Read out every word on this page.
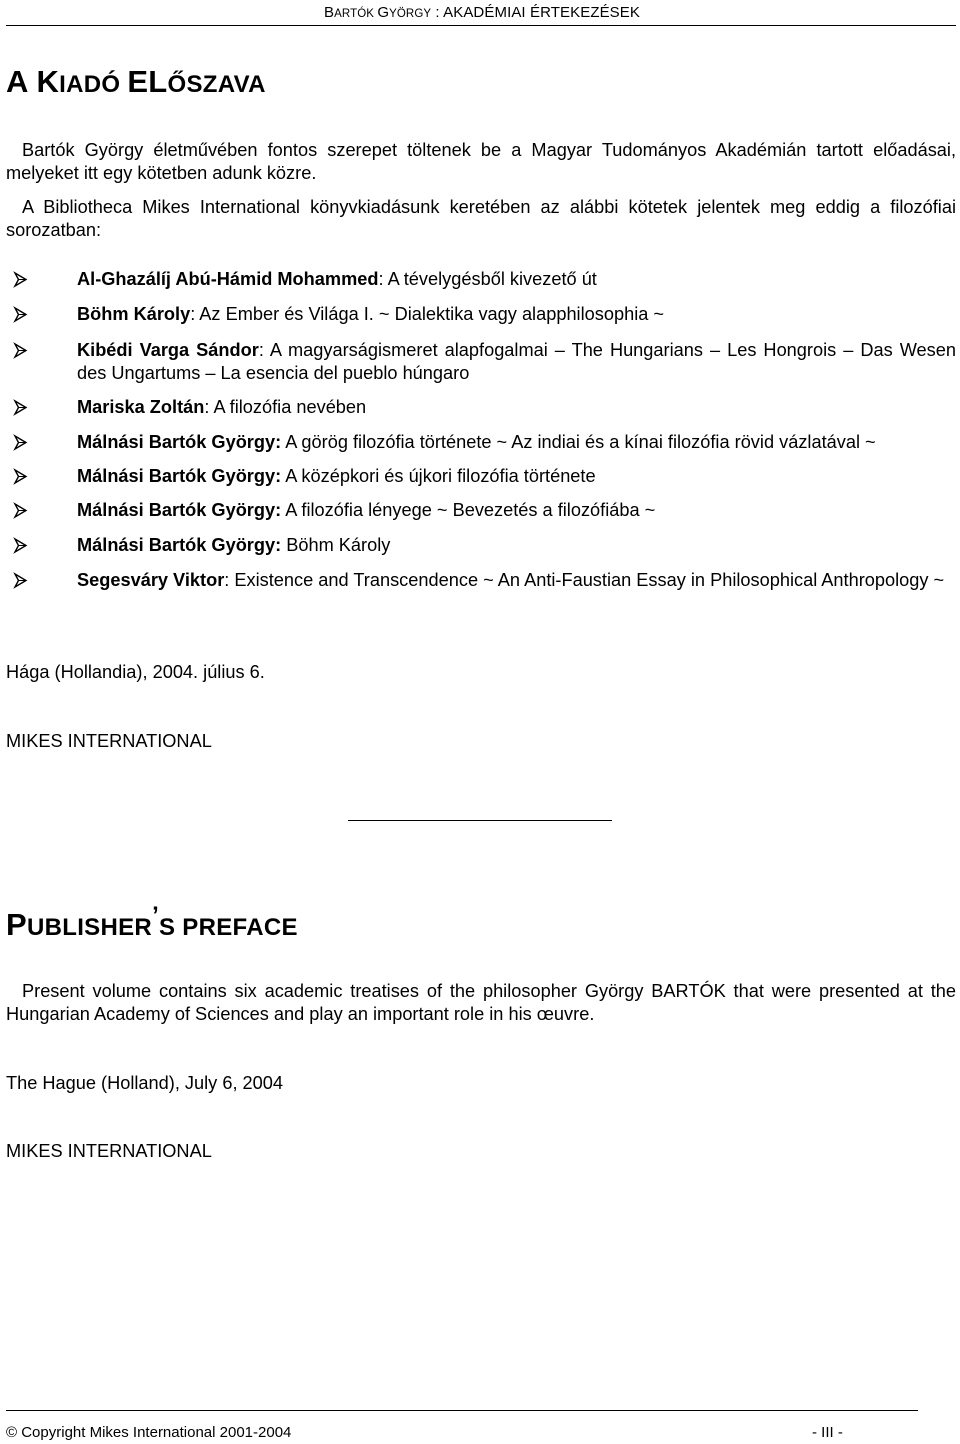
BARTÓK GYÖRGY : AKADÉMIAI ÉRTEKEZÉSEK
A KIADÓ ELŐSZAVA

Bartók György életművében fontos szerepet töltenek be a Magyar Tudományos Akadémián tartott előadásai, melyeket itt egy kötetben adunk közre.

A Bibliotheca Mikes International könyvkiadásunk keretében az alábbi kötetek jelentek meg eddig a filozófiai sorozatban:

Al-Ghazálíj Abú-Hámid Mohammed: A tévelygésből kivezető út
Böhm Károly: Az Ember és Világa I. ~ Dialektika vagy alapphilosophia ~
Kibédi Varga Sándor: A magyarságismeret alapfogalmai – The Hungarians – Les Hongrois – Das Wesen des Ungartums – La esencia del pueblo húngaro
Mariska Zoltán: A filozófia nevében
Málnási Bartók György: A görög filozófia története ~ Az indiai és a kínai filozófia rövid vázlatával ~
Málnási Bartók György: A középkori és újkori filozófia története
Málnási Bartók György: A filozófia lényege ~ Bevezetés a filozófiába ~
Málnási Bartók György: Böhm Károly
Segesváry Viktor: Existence and Transcendence ~ An Anti-Faustian Essay in Philosophical Anthropology ~

Hága (Hollandia), 2004. július 6.

MIKES INTERNATIONAL

PUBLISHER’S PREFACE

Present volume contains six academic treatises of the philosopher György BARTÓK that were presented at the Hungarian Academy of Sciences and play an important role in his œuvre.

The Hague (Holland), July 6, 2004

MIKES INTERNATIONAL

© Copyright Mikes International 2001-2004	- III -
